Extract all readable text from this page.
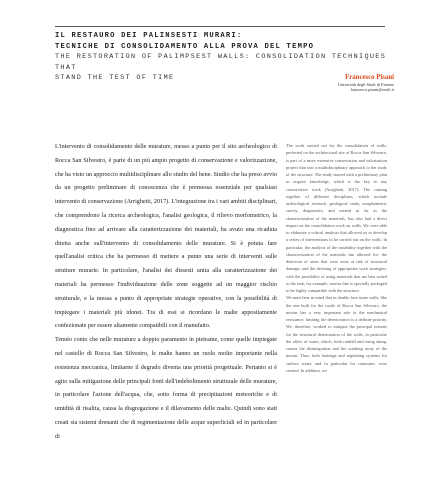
IL RESTAURO DEI PALINSESTI MURARI:
TECNICHE DI CONSOLIDAMENTO ALLA PROVA DEL TEMPO
THE RESTORATION OF PALIMPSEST WALLS: CONSOLIDATION TECHNIQUES THAT
STAND THE TEST OF TIME	Francesco Pisani
Università degli Studi di Firenze
francesco.pisani@unifi.it

L'intervento di consolidamento delle murature, messo a punto per il sito archeologico di Rocca San Silvestro, è parte di un più ampio progetto di conservazione e valorizzazione, che ha visto un approccio multidisciplinare allo studio del bene. Studio che ha preso avvio da un progetto preliminare di conoscenza che è premessa essenziale per qualsiasi intervento di conservazione (Arrighetti, 2017). L'integrazione tra i vari ambiti disciplinari, che comprendono la ricerca archeologica, l'analisi geologica, il rilievo morfometrico, la diagnostica fino ad arrivare alla caratterizzazione dei materiali, ha avuto una ricaduta diretta anche sull'intervento di consolidamento delle murature. Si è potuta fare quell'analisi critica che ha permesso di mettere a punto una serie di interventi sulle strutture murarie. In particolare, l'analisi dei dissesti unita alla caratterizzazione dei materiali ha permesso l'individuazione delle zone soggette ad un maggior rischio strutturale, e la messa a punto di appropriate strategie operative, con la possibilità di impiegare i materiali più idonei. Tra di essi si ricordano le malte appositamente confezionate per essere altamente compatibili con il manufatto.

Tenuto conto che nelle murature a doppio paramento in pietrame, come quelle impiegate nel castello di Rocca San Silvestro, le malte hanno un ruolo molto importante nella resistenza meccanica, limitarne il degrado diventa una priorità progettuale. Pertanto si è agito sulla mitigazione delle principali fonti dell'indebolimento strutturale delle murature, in particolare l'azione dell'acqua, che, sotto forma di precipitazioni meteoriche e di umidità di risalita, causa la disgregazione e il dilavamento delle malte. Quindi sono stati creati sia sistemi drenanti che di regimentazione delle acque superficiali ed in particolare di

The work carried out for the consolidation of walls, perfected on the architectural site of Rocca San Silvestro, is part of a more extensive conservation and valorization project that saw a multidisciplinary approach to the study of the structure. The study started with a preliminary plan to acquire knowledge, which is the key to any conservative work (Arrighetti, 2017). The coming together of different disciplines, which include archeological research, geological study, morphometric survey, diagnostics, and extend as far as the characterization of the materials, has also had a direct impact on the consolidation work on walls. We were able to elaborate a critical analysis that allowed us to develop a series of interventions to be carried out on the walls. In particular, the analysis of the instability together with the characterization of the materials has allowed for: the detection of areas that were most at risk of structural damage; and the devising of appropriate work strategies, with the possibility of using materials that are best suited to the task, for example, mortar that is specially packaged to be highly compatible with the structure.

We must bear in mind that in double face stone walls, like the one built for the castle of Rocca San Silvestro, the mortar has a very important role in the mechanical resistance; limiting the deterioration is a definite priority. We, therefore, worked to mitigate the principal reasons for the structural deterioration of the walls, in particular the effect of water, which, both rainfall and rising damp, causes the disintegration and the washing away of the mortar. Thus, both drainage and regulating systems for surface water, and in particular for rainwater, were created. In addition, we
